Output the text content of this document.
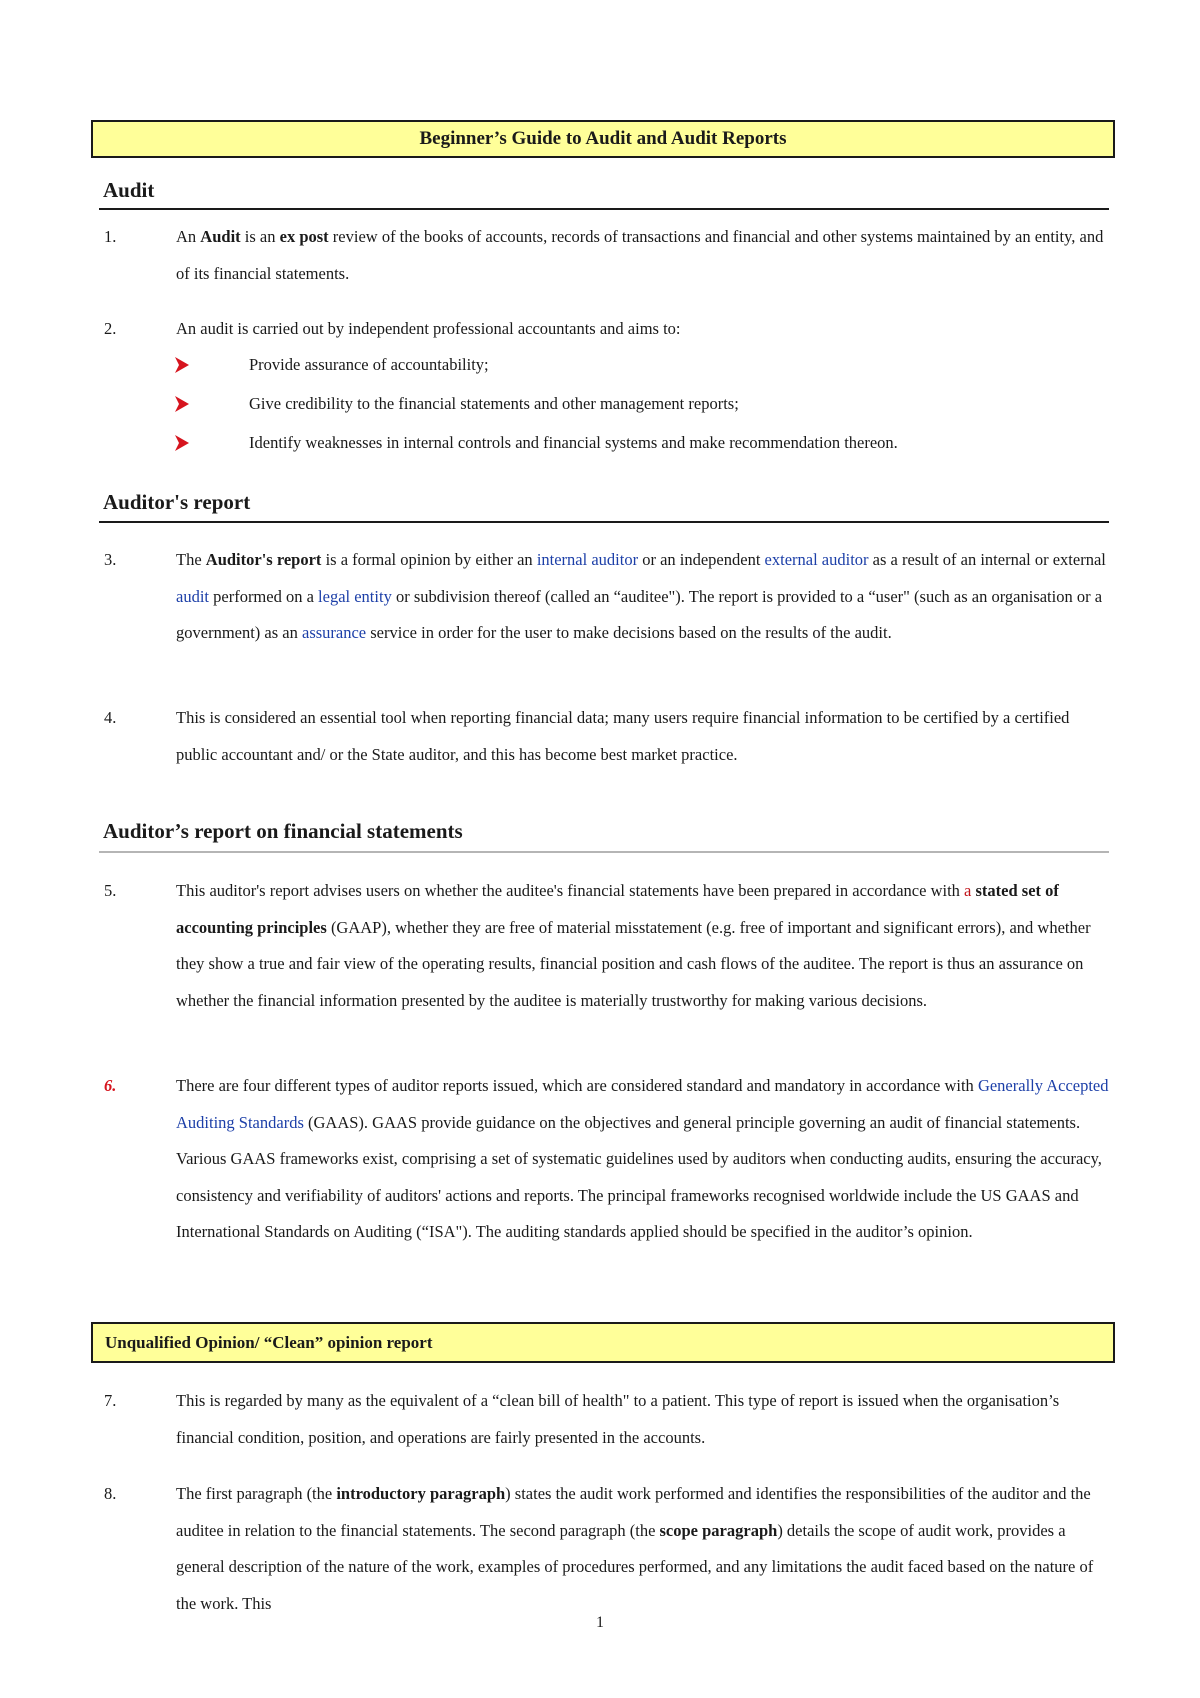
Beginner’s Guide to Audit and Audit Reports
Audit
1.	An Audit is an ex post review of the books of accounts, records of transactions and financial and other systems maintained by an entity, and of its financial statements.
2.	An audit is carried out by independent professional accountants and aims to:
Provide assurance of accountability;
Give credibility to the financial statements and other management reports;
Identify weaknesses in internal controls and financial systems and make recommendation thereon.
Auditor's report
3.	The Auditor's report is a formal opinion by either an internal auditor or an independent external auditor as a result of an internal or external audit performed on a legal entity or subdivision thereof (called an “auditee"). The report is provided to a “user" (such as an organisation or a government) as an assurance service in order for the user to make decisions based on the results of the audit.
4.	This is considered an essential tool when reporting financial data; many users require financial information to be certified by a certified public accountant and/ or the State auditor, and this has become best market practice.
Auditor’s report on financial statements
5.	This auditor's report advises users on whether the auditee's financial statements have been prepared in accordance with a stated set of accounting principles (GAAP), whether they are free of material misstatement (e.g. free of important and significant errors), and whether they show a true and fair view of the operating results, financial position and cash flows of the auditee. The report is thus an assurance on whether the financial information presented by the auditee is materially trustworthy for making various decisions.
6.	There are four different types of auditor reports issued, which are considered standard and mandatory in accordance with Generally Accepted Auditing Standards (GAAS). GAAS provide guidance on the objectives and general principle governing an audit of financial statements. Various GAAS frameworks exist, comprising a set of systematic guidelines used by auditors when conducting audits, ensuring the accuracy, consistency and verifiability of auditors' actions and reports. The principal frameworks recognised worldwide include the US GAAS and International Standards on Auditing (“ISA"). The auditing standards applied should be specified in the auditor’s opinion.
Unqualified Opinion/ “Clean” opinion report
7.	This is regarded by many as the equivalent of a “clean bill of health" to a patient. This type of report is issued when the organisation’s financial condition, position, and operations are fairly presented in the accounts.
8.	The first paragraph (the introductory paragraph) states the audit work performed and identifies the responsibilities of the auditor and the auditee in relation to the financial statements. The second paragraph (the scope paragraph) details the scope of audit work, provides a general description of the nature of the work, examples of procedures performed, and any limitations the audit faced based on the nature of the work. This
1
